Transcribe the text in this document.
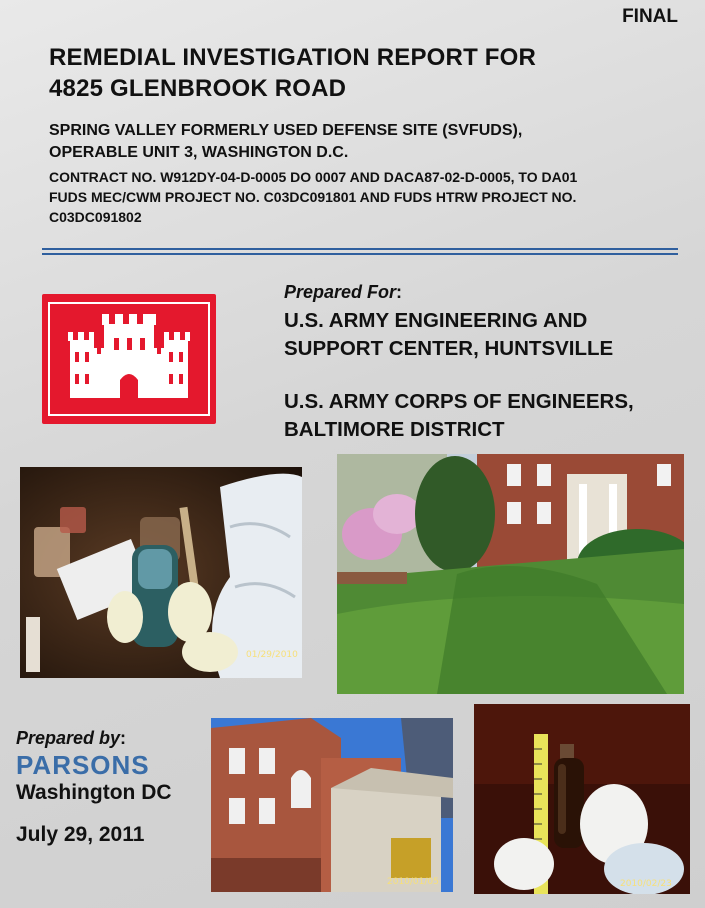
FINAL
REMEDIAL INVESTIGATION REPORT FOR
4825 GLENBROOK ROAD
SPRING VALLEY FORMERLY USED DEFENSE SITE (SVFUDS),
OPERABLE UNIT 3, WASHINGTON D.C.
CONTRACT NO. W912DY-04-D-0005 DO 0007 AND DACA87-02-D-0005, TO DA01
FUDS MEC/CWM PROJECT NO. C03DC091801 AND FUDS HTRW PROJECT NO.
C03DC091802
Prepared For:
U.S. ARMY ENGINEERING AND
SUPPORT CENTER, HUNTSVILLE
U.S. ARMY CORPS OF ENGINEERS,
BALTIMORE DISTRICT
01/29/2010
Prepared by:
PARSONS
Washington DC
July 29, 2011
2010/01/05	2010/02/23
